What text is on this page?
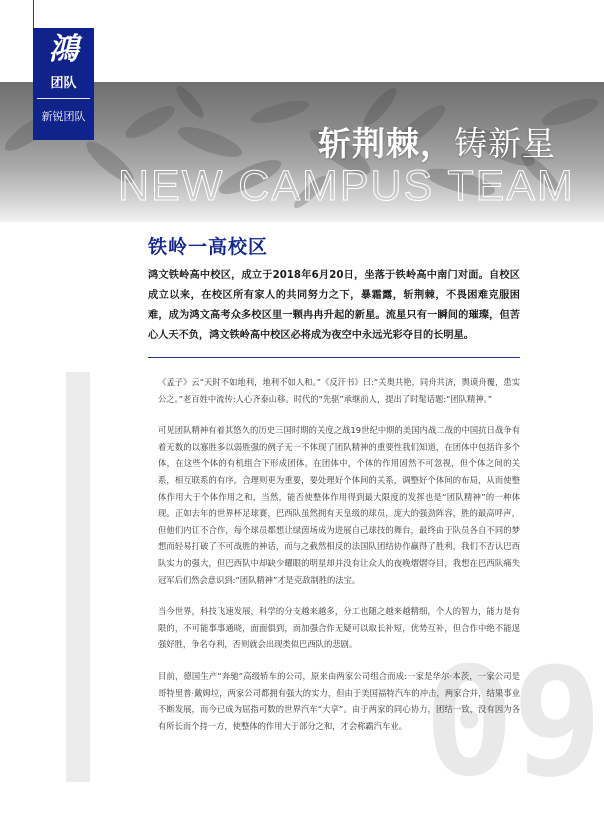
鴻
团队
新锐团队
斩荆棘，铸新星
NEW CAMPUS TEAM
铁岭一高校区
鸿文铁岭高中校区，成立于2018年6月20日，坐落于铁岭高中南门对面。自校区成立以来，在校区所有家人的共同努力之下，暴霜露，斩荆棘，不畏困难克服困难，成为鸿文高考众多校区里一颗冉冉升起的新星。流星只有一瞬间的璀璨，但苦心人天不负，鸿文铁岭高中校区必将成为夜空中永远光彩夺目的长明星。
09

《孟子》云“天时不如地利，地利不如人和。”《反汗书》曰:“关奥共艳，同舟共济，舆谟舟覆，患实公之。”老百姓中流传:人心齐泰山移。时代的“先驱”承继前人，提出了时髦话题:“团队精神。”

可见团队精神有着其悠久的历史三国时期的关度之战19世纪中期的美国内战二战的中国抗日战争有着无数的以寡胜多以弱胜强的例子无一不体现了团队精神的重要性我们知道，在团体中包括许多个体，在这些个体的有机组合下形成团体。在团体中，个体的作用固然不可忽视，但个体之间的关系，相互联系的有序。合理则更为重要，要处理好个体间的关系，调整好个体间的布局，从而使整体作用大于个体作用之和，当然，能否使整体作用得到最大限度的发挥也是“团队精神”的一种体现。正如去年的世界杯足球赛，巴西队虽然拥有天皇级的球员，庞大的强劲阵容，胜的最高呼声，但他们内讧不合作，每个球员都想让绿茵场成为进展自己球技的舞台，最终由于队员各自不同的梦想而轻易打破了不可战胜的神话，而与之截然相反的法国队团结协作赢得了胜利，我们不否认巴西队实力的强大，但巴西队中却缺少耀眼的明星却并没有让众人的夜晚熠熠夺目，我想在巴西队痛失冠军后们然会意识到:“团队精神”才是克敌制胜的法宝。

当今世界，科技飞速发展，科学的分支越来越多，分工也随之越来越精细，个人的智力，能力是有限的，不可能事事通晓，面面俱到，而加强合作无疑可以取长补短，优势互补，但合作中绝不能逞强好胜，争名夺利，否则就会出现类似巴西队的悲剧。

目前，德国生产“奔驰”高级轿车的公司，原来由两家公司组合而成:一家是华尔·本茨，一家公司是哥特里普·戴姆垃，两家公司都拥有强大的实力，但由于美国福特汽车的冲击，两家合并，结果事业不断发展，而今已成为屈指可数的世界汽车“大享”。由于两家的同心协力，团结一致，没有因为各有所长而个持一方，使整体的作用大于部分之和，才会称霸汽车业。
